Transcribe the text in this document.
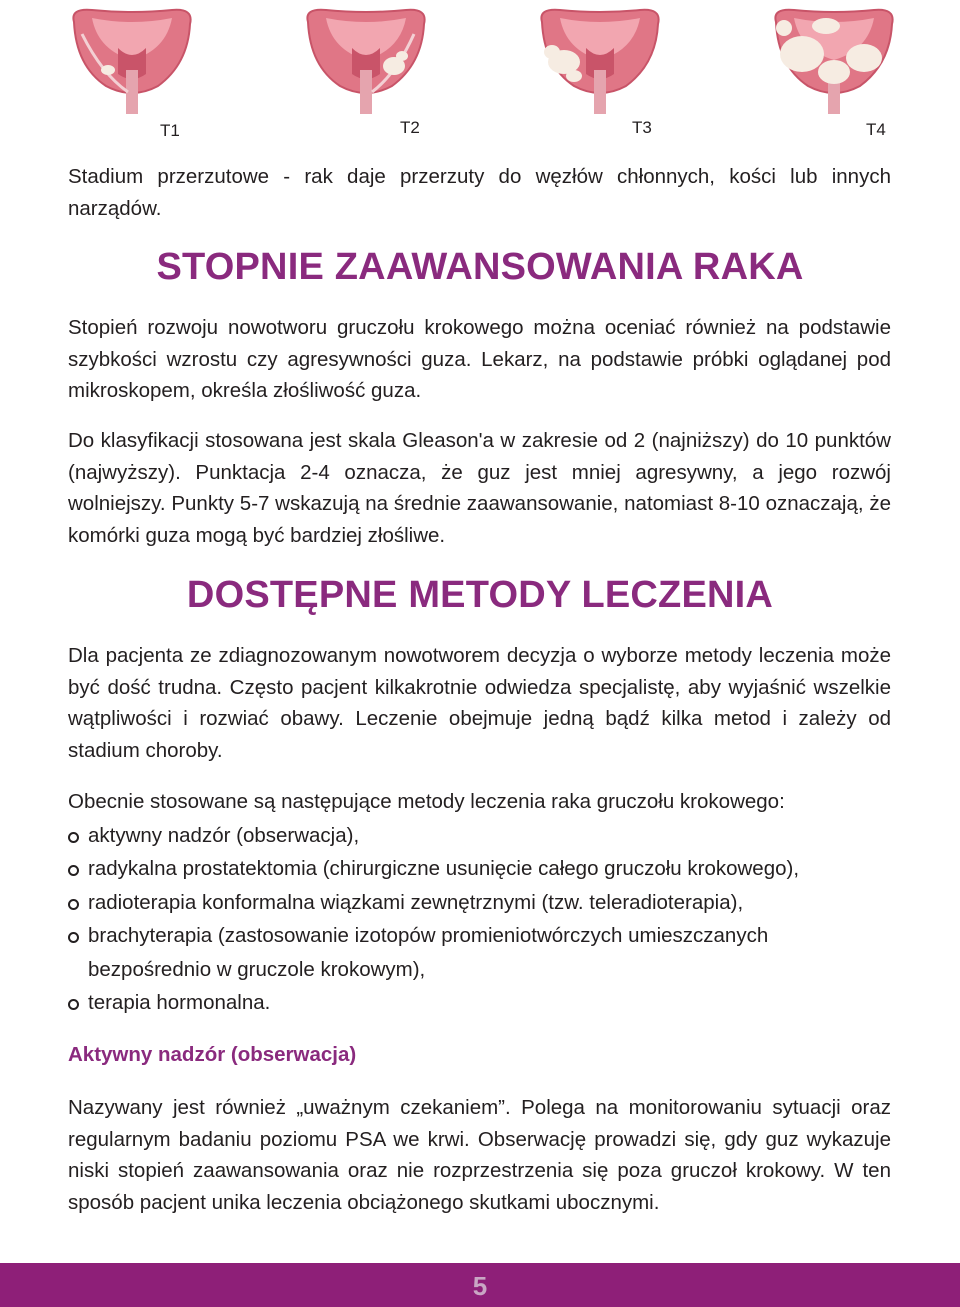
T1	T2	T3	T4

Stadium przerzutowe - rak daje przerzuty do węzłów chłonnych, kości lub innych narządów.

STOPNIE ZAAWANSOWANIA RAKA

Stopień rozwoju nowotworu gruczołu krokowego można oceniać również na podstawie szybkości wzrostu czy agresywności guza. Lekarz, na podstawie próbki oglądanej pod mikroskopem, określa złośliwość guza.

Do klasyfikacji stosowana jest skala Gleason'a w zakresie od 2 (najniższy) do 10 punktów (najwyższy). Punktacja 2-4 oznacza, że guz jest mniej agresywny, a jego rozwój wolniejszy. Punkty 5-7 wskazują na średnie zaawansowanie, natomiast 8-10 oznaczają, że komórki guza mogą być bardziej złośliwe.

DOSTĘPNE METODY LECZENIA

Dla pacjenta ze zdiagnozowanym nowotworem decyzja o wyborze metody leczenia może być dość trudna. Często pacjent kilkakrotnie odwiedza specjalistę, aby wyjaśnić wszelkie wątpliwości i rozwiać obawy. Leczenie obejmuje jedną bądź kilka metod i zależy od stadium choroby.

Obecnie stosowane są następujące metody leczenia raka gruczołu krokowego:

aktywny nadzór (obserwacja),
radykalna prostatektomia (chirurgiczne usunięcie całego gruczołu krokowego),
radioterapia konformalna wiązkami zewnętrznymi (tzw. teleradioterapia),
brachyterapia (zastosowanie izotopów promieniotwórczych umieszczanych bezpośrednio w gruczole krokowym),
terapia hormonalna.
Aktywny nadzór (obserwacja)

Nazywany jest również „uważnym czekaniem”. Polega na monitorowaniu sytuacji oraz regularnym badaniu poziomu PSA we krwi. Obserwację prowadzi się, gdy guz wykazuje niski stopień zaawansowania oraz nie rozprzestrzenia się poza gruczoł krokowy. W ten sposób pacjent unika leczenia obciążonego skutkami ubocznymi.

5
